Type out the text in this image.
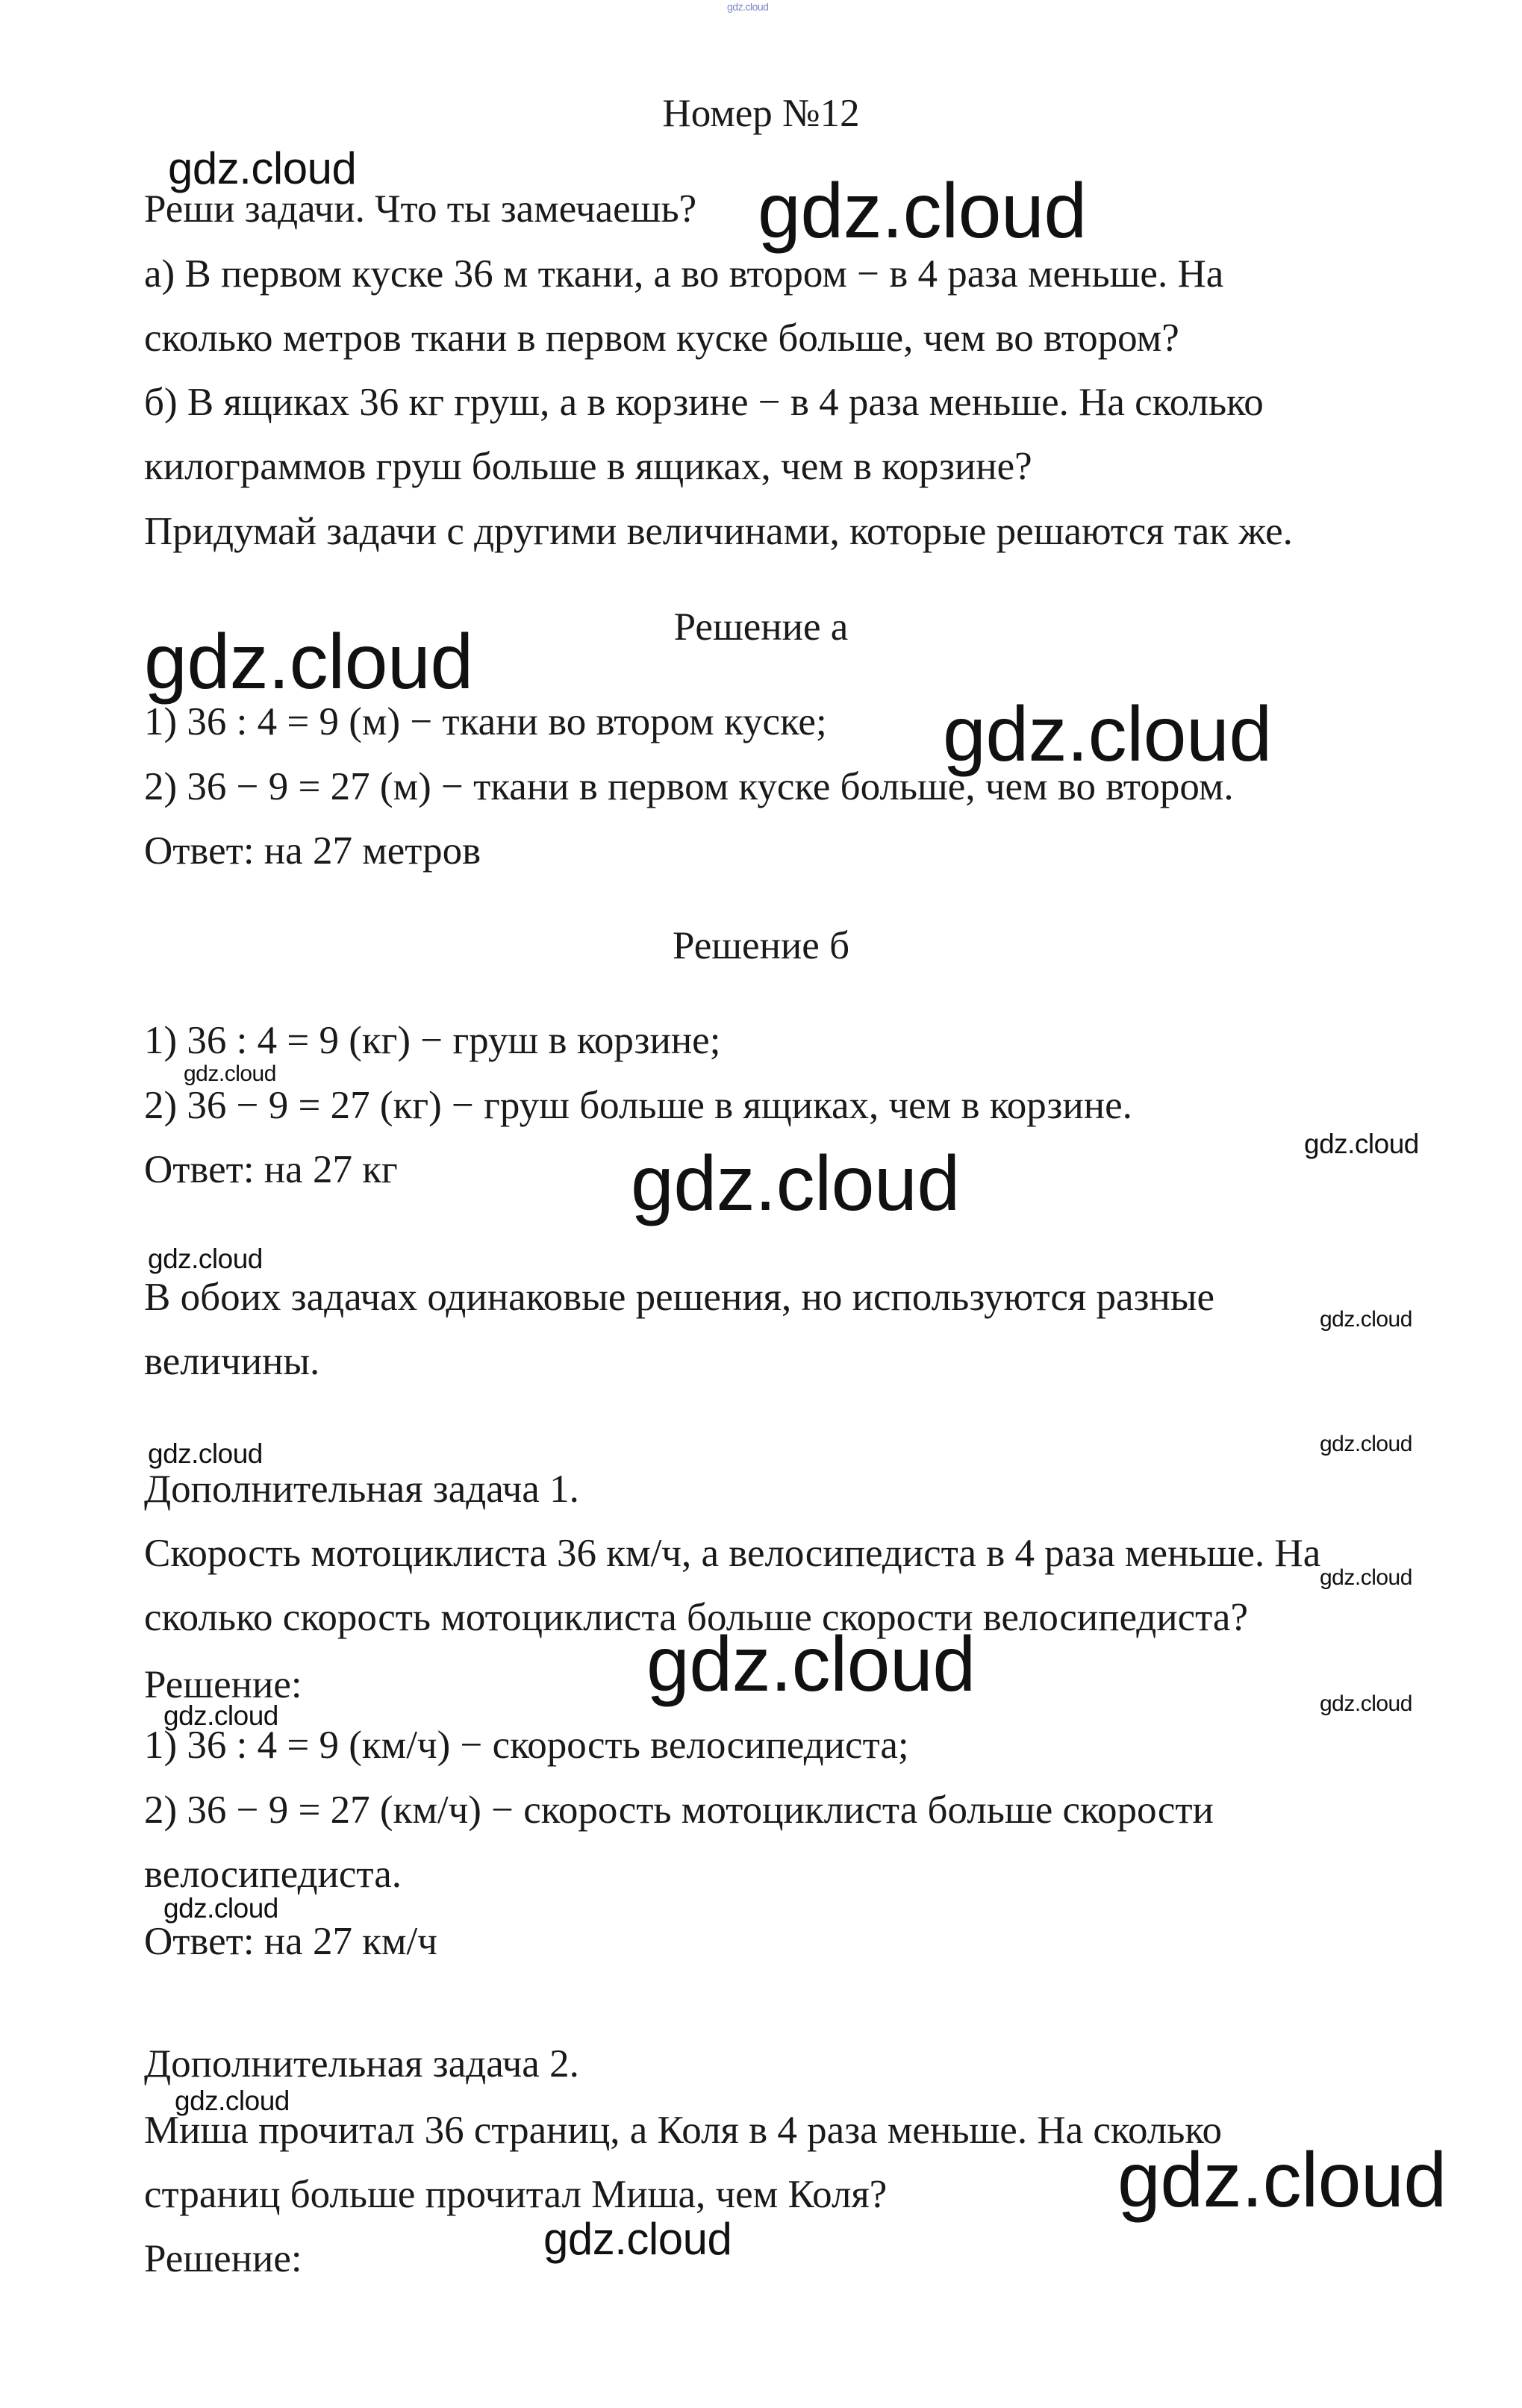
gdz.cloud

Номер №12

Реши задачи. Что ты замечаешь?

а) В первом куске 36 м ткани, а во втором − в 4 раза меньше. На

сколько метров ткани в первом куске больше, чем во втором?

б) В ящиках 36 кг груш, а в корзине − в 4 раза меньше. На сколько

килограммов груш больше в ящиках, чем в корзине?

Придумай задачи с другими величинами, которые решаются так же.

Решение а

1) 36 : 4 = 9 (м) − ткани во втором куске;

2) 36 − 9 = 27 (м) − ткани в первом куске больше, чем во втором.

Ответ: на 27 метров

Решение б

1) 36 : 4 = 9 (кг) − груш в корзине;

2) 36 − 9 = 27 (кг) − груш больше в ящиках, чем в корзине.

Ответ: на 27 кг

В обоих задачах одинаковые решения, но используются разные

величины.

Дополнительная задача 1.

Скорость мотоциклиста 36 км/ч, а велосипедиста в 4 раза меньше. На

сколько скорость мотоциклиста больше скорости велосипедиста?

Решение:

1) 36 : 4 = 9 (км/ч) − скорость велосипедиста;

2) 36 − 9 = 27 (км/ч) − скорость мотоциклиста больше скорости

велосипедиста.

Ответ: на 27 км/ч

Дополнительная задача 2.

Миша прочитал 36 страниц, а Коля в 4 раза меньше. На сколько

страниц больше прочитал Миша, чем Коля?

Решение:

gdz.cloud	gdz.cloud
gdz.cloud
gdz.cloud
gdz.cloud
gdz.cloud
gdz.cloud
gdz.cloud
gdz.cloud
gdz.cloud	gdz.cloud
gdz.cloud
gdz.cloud	gdz.cloud
gdz.cloud
gdz.cloud
gdz.cloud
gdz.cloud
gdz.cloud
